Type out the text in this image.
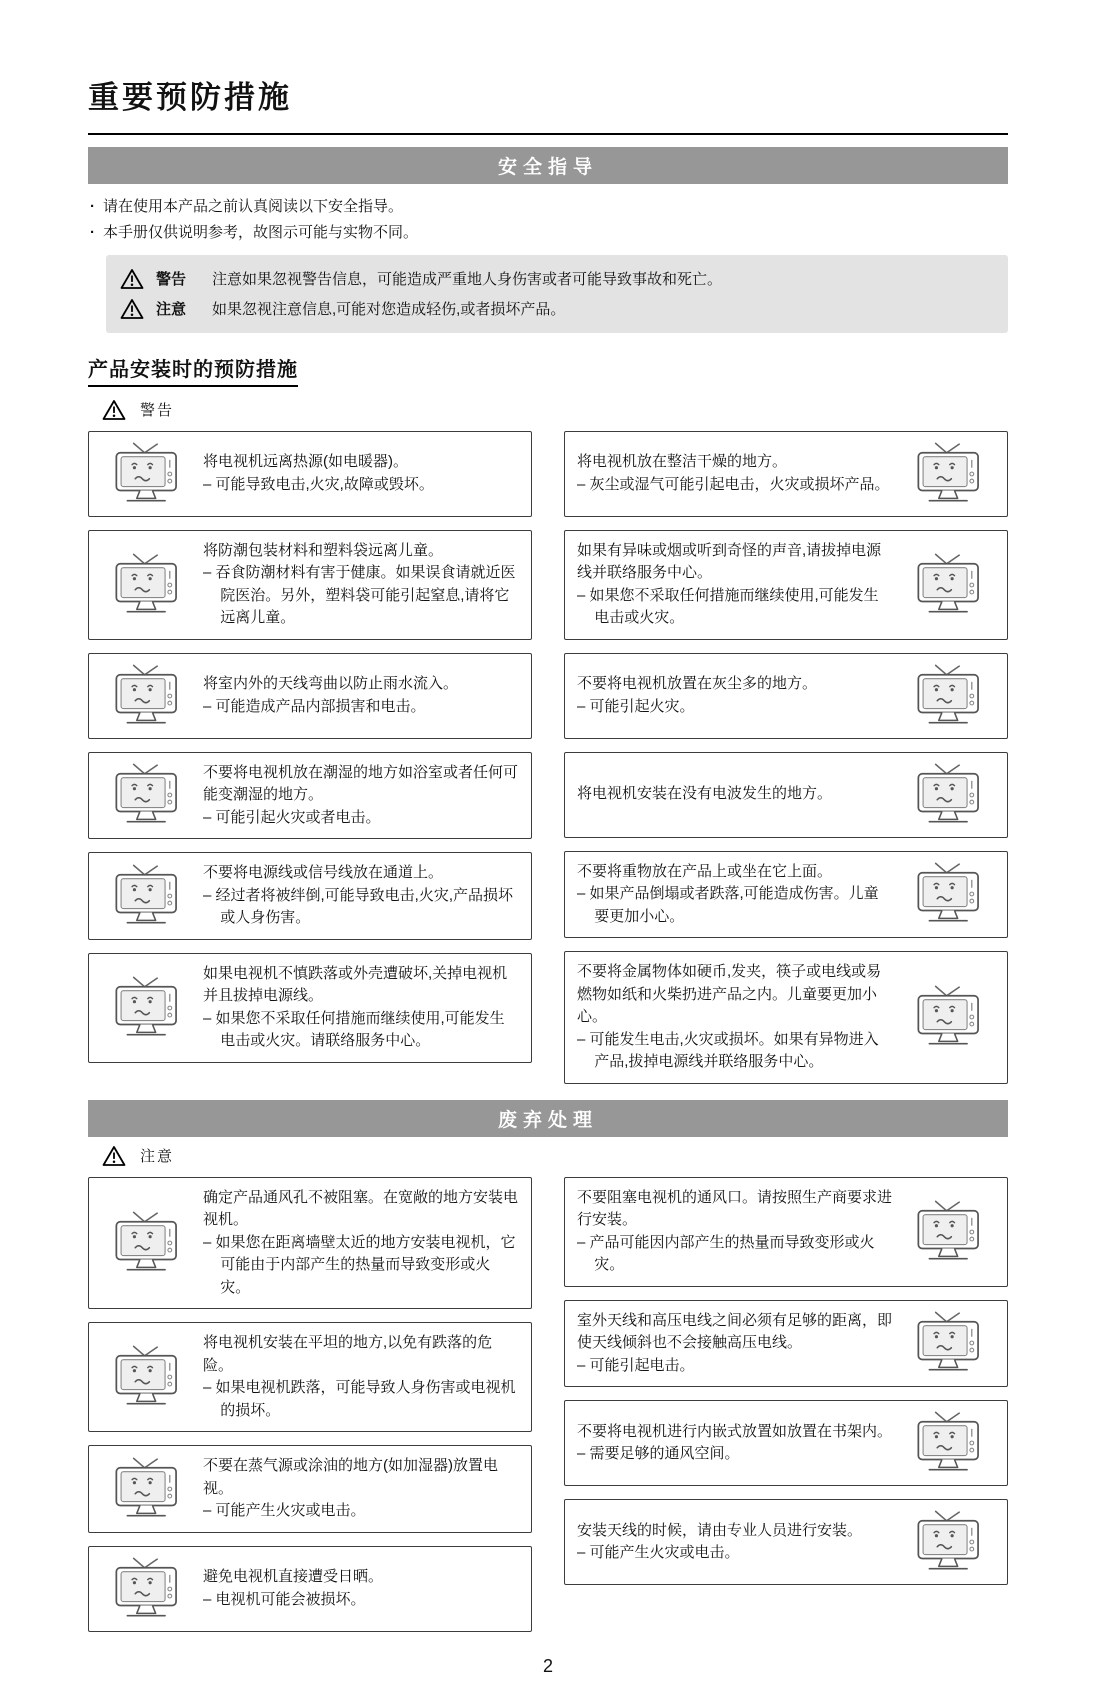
重要预防措施
安全指导
· 请在使用本产品之前认真阅读以下安全指导。
· 本手册仅供说明参考，故图示可能与实物不同。
警告 注意如果忽视警告信息，可能造成严重地人身伤害或者可能导致事故和死亡。
注意 如果忽视注意信息,可能对您造成轻伤,或者损坏产品。
产品安装时的预防措施
警告

将电视机远离热源(如电暖器)。

– 可能导致电击,火灾,故障或毁坏。

将防潮包装材料和塑料袋远离儿童。

– 吞食防潮材料有害于健康。如果误食请就近医院医治。另外，塑料袋可能引起窒息,请将它远离儿童。

将室内外的天线弯曲以防止雨水流入。

– 可能造成产品内部损害和电击。

不要将电视机放在潮湿的地方如浴室或者任何可能变潮湿的地方。

– 可能引起火灾或者电击。

不要将电源线或信号线放在通道上。

– 经过者将被绊倒,可能导致电击,火灾,产品损坏或人身伤害。

如果电视机不慎跌落或外壳遭破坏,关掉电视机并且拔掉电源线。

– 如果您不采取任何措施而继续使用,可能发生电击或火灾。请联络服务中心。

将电视机放在整洁干燥的地方。

– 灰尘或湿气可能引起电击，火灾或损坏产品。

如果有异味或烟或听到奇怪的声音,请拔掉电源线并联络服务中心。

– 如果您不采取任何措施而继续使用,可能发生电击或火灾。

不要将电视机放置在灰尘多的地方。

– 可能引起火灾。

将电视机安装在没有电波发生的地方。

不要将重物放在产品上或坐在它上面。

– 如果产品倒塌或者跌落,可能造成伤害。儿童要更加小心。

不要将金属物体如硬币,发夹，筷子或电线或易燃物如纸和火柴扔进产品之内。儿童要更加小心。

– 可能发生电击,火灾或损坏。如果有异物进入产品,拔掉电源线并联络服务中心。

废弃处理
注意

确定产品通风孔不被阻塞。在宽敞的地方安装电视机。

– 如果您在距离墙壁太近的地方安装电视机，它可能由于内部产生的热量而导致变形或火灾。

将电视机安装在平坦的地方,以免有跌落的危险。

– 如果电视机跌落，可能导致人身伤害或电视机的损坏。

不要在蒸气源或涂油的地方(如加湿器)放置电视。

– 可能产生火灾或电击。

避免电视机直接遭受日晒。

– 电视机可能会被损坏。

不要阻塞电视机的通风口。请按照生产商要求进行安装。

– 产品可能因内部产生的热量而导致变形或火灾。

室外天线和高压电线之间必须有足够的距离，即使天线倾斜也不会接触高压电线。

– 可能引起电击。

不要将电视机进行内嵌式放置如放置在书架内。

– 需要足够的通风空间。

安装天线的时候，请由专业人员进行安装。

– 可能产生火灾或电击。

2
